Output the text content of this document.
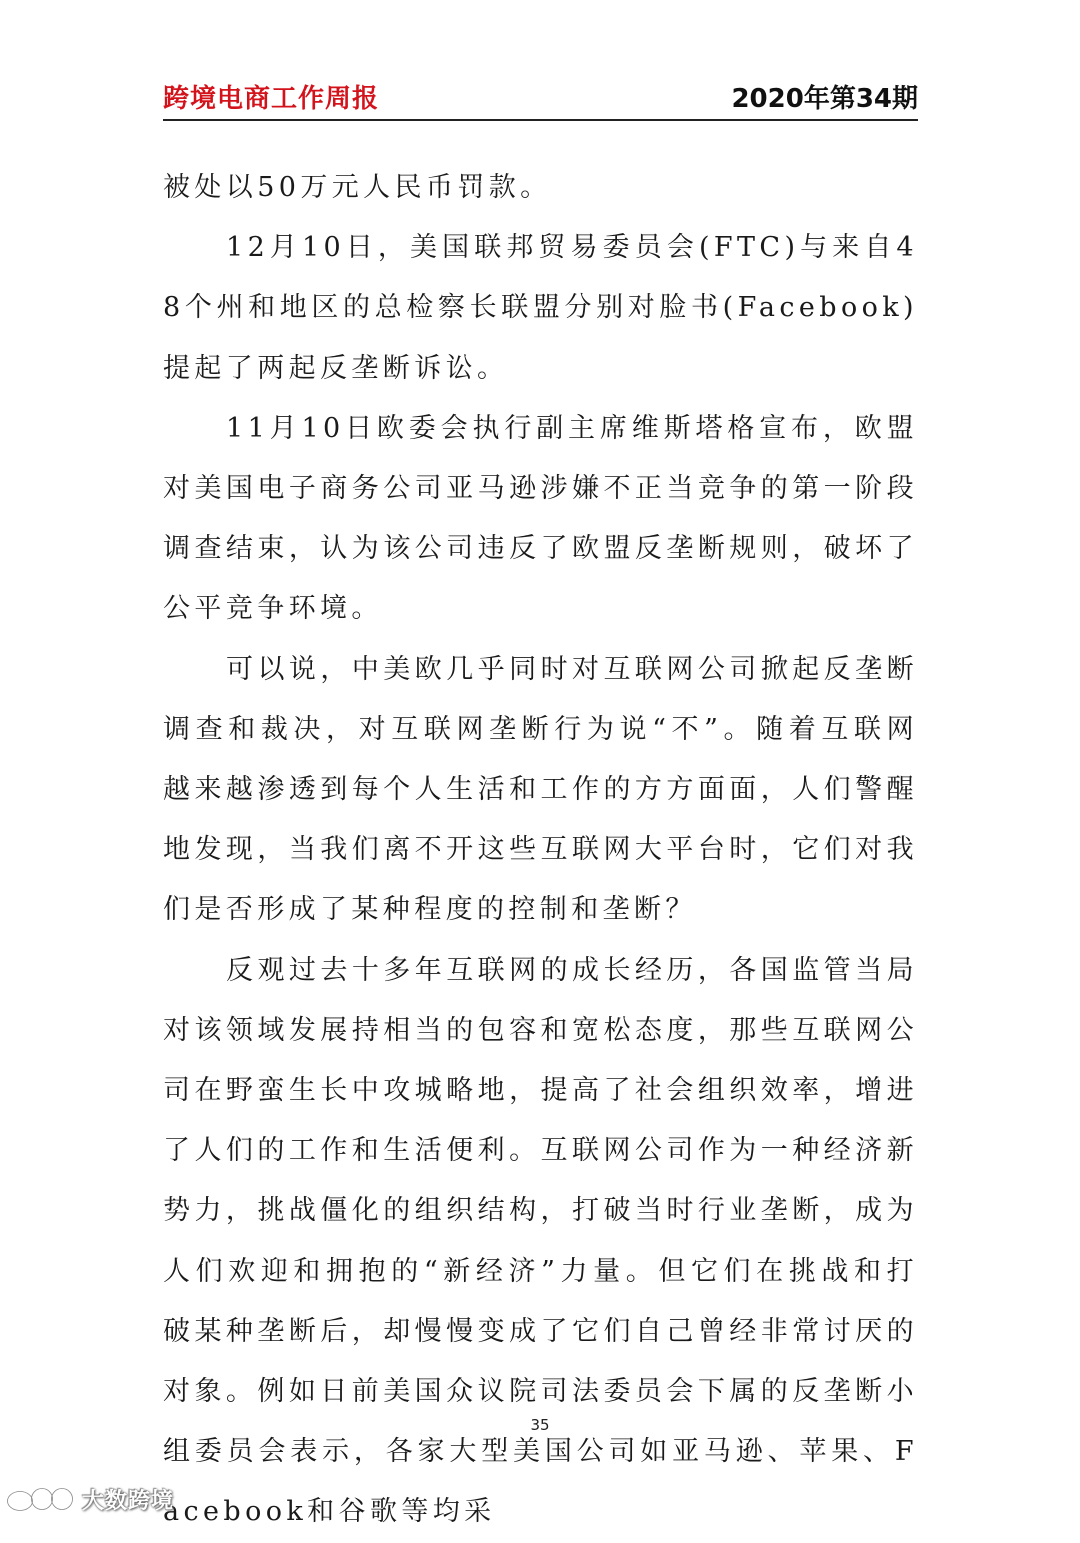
跨境电商工作周报	2020年第34期

被处以50万元人民币罚款。

12月10日，美国联邦贸易委员会(FTC)与来自48个州和地区的总检察长联盟分别对脸书(Facebook)提起了两起反垄断诉讼。

11月10日欧委会执行副主席维斯塔格宣布，欧盟对美国电子商务公司亚马逊涉嫌不正当竞争的第一阶段调查结束，认为该公司违反了欧盟反垄断规则，破坏了公平竞争环境。

可以说，中美欧几乎同时对互联网公司掀起反垄断调查和裁决，对互联网垄断行为说“不”。随着互联网越来越渗透到每个人生活和工作的方方面面，人们警醒地发现，当我们离不开这些互联网大平台时，它们对我们是否形成了某种程度的控制和垄断？

反观过去十多年互联网的成长经历，各国监管当局对该领域发展持相当的包容和宽松态度，那些互联网公司在野蛮生长中攻城略地，提高了社会组织效率，增进了人们的工作和生活便利。互联网公司作为一种经济新势力，挑战僵化的组织结构，打破当时行业垄断，成为人们欢迎和拥抱的“新经济”力量。但它们在挑战和打破某种垄断后，却慢慢变成了它们自己曾经非常讨厌的对象。例如日前美国众议院司法委员会下属的反垄断小组委员会表示，各家大型美国公司如亚马逊、苹果、Facebook和谷歌等均采

35
大数跨境
